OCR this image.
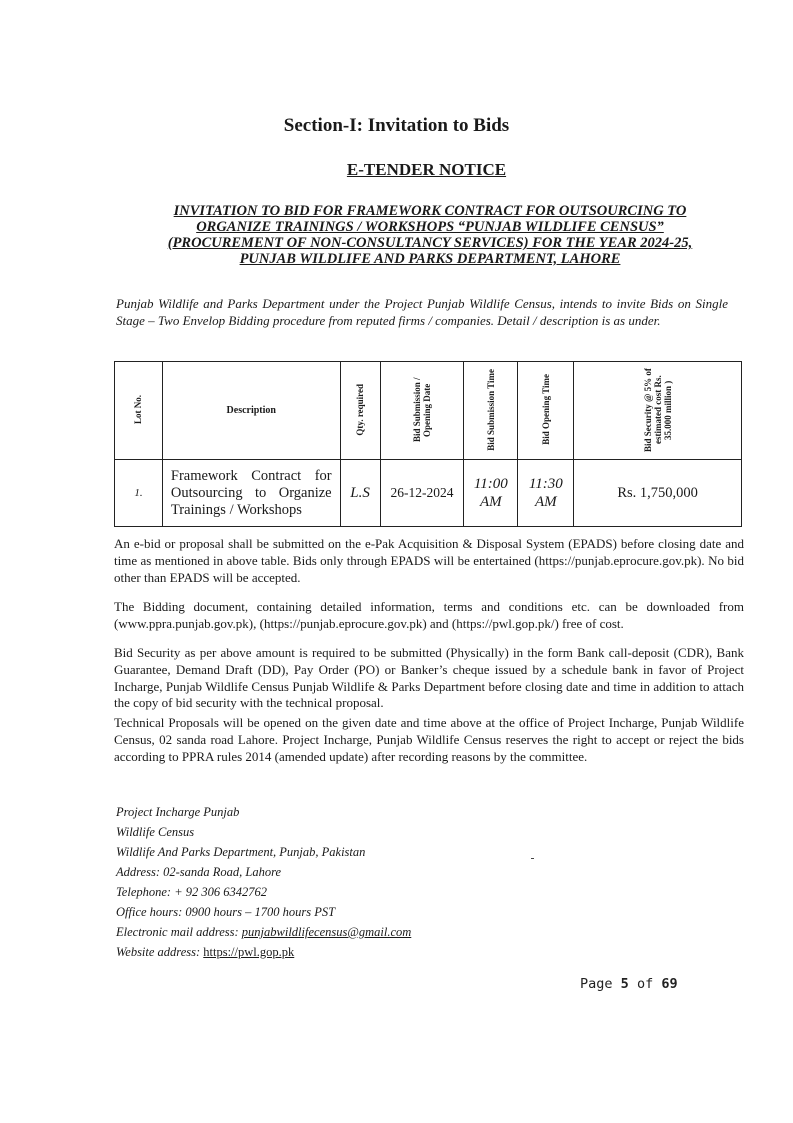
Section-I: Invitation to Bids
E-TENDER NOTICE
INVITATION TO BID FOR FRAMEWORK CONTRACT FOR OUTSOURCING TO
ORGANIZE TRAININGS / WORKSHOPS “PUNJAB WILDLIFE CENSUS”
(PROCUREMENT OF NON-CONSULTANCY SERVICES) FOR THE YEAR 2024-25,
PUNJAB WILDLIFE AND PARKS DEPARTMENT, LAHORE
Punjab Wildlife and Parks Department under the Project Punjab Wildlife Census, intends to invite Bids on Single Stage – Two Envelop Bidding procedure from reputed firms / companies. Detail / description is as under.
Lot No.	Description	Qty. required	Bid Submission / Opening Date	Bid Submission Time	Bid Opening Time	Bid Security @ 5% of estimated cost Rs. 35.000 million )
1.	Framework Contract for Outsourcing to Organize Trainings / Workshops	L.S	26-12-2024	11:00 AM	11:30 AM	Rs. 1,750,000
An e-bid or proposal shall be submitted on the e-Pak Acquisition & Disposal System (EPADS) before closing date and time as mentioned in above table. Bids only through EPADS will be entertained (https://punjab.eprocure.gov.pk). No bid other than EPADS will be accepted.
The Bidding document, containing detailed information, terms and conditions etc. can be downloaded from (www.ppra.punjab.gov.pk), (https://punjab.eprocure.gov.pk) and (https://pwl.gop.pk/) free of cost.
Bid Security as per above amount is required to be submitted (Physically) in the form Bank call-deposit (CDR), Bank Guarantee, Demand Draft (DD), Pay Order (PO) or Banker’s cheque issued by a schedule bank in favor of Project Incharge, Punjab Wildlife Census Punjab Wildlife & Parks Department before closing date and time in addition to attach the copy of bid security with the technical proposal.
Technical Proposals will be opened on the given date and time above at the office of Project Incharge, Punjab Wildlife Census, 02 sanda road Lahore. Project Incharge, Punjab Wildlife Census reserves the right to accept or reject the bids according to PPRA rules 2014 (amended update) after recording reasons by the committee.
Project Incharge Punjab
Wildlife Census
Wildlife And Parks Department, Punjab, Pakistan
Address: 02-sanda Road, Lahore
Telephone: + 92 306 6342762
Office hours: 0900 hours – 1700 hours PST
Electronic mail address: punjabwildlifecensus@gmail.com
Website address: https://pwl.gop.pk
Page 5 of 69
